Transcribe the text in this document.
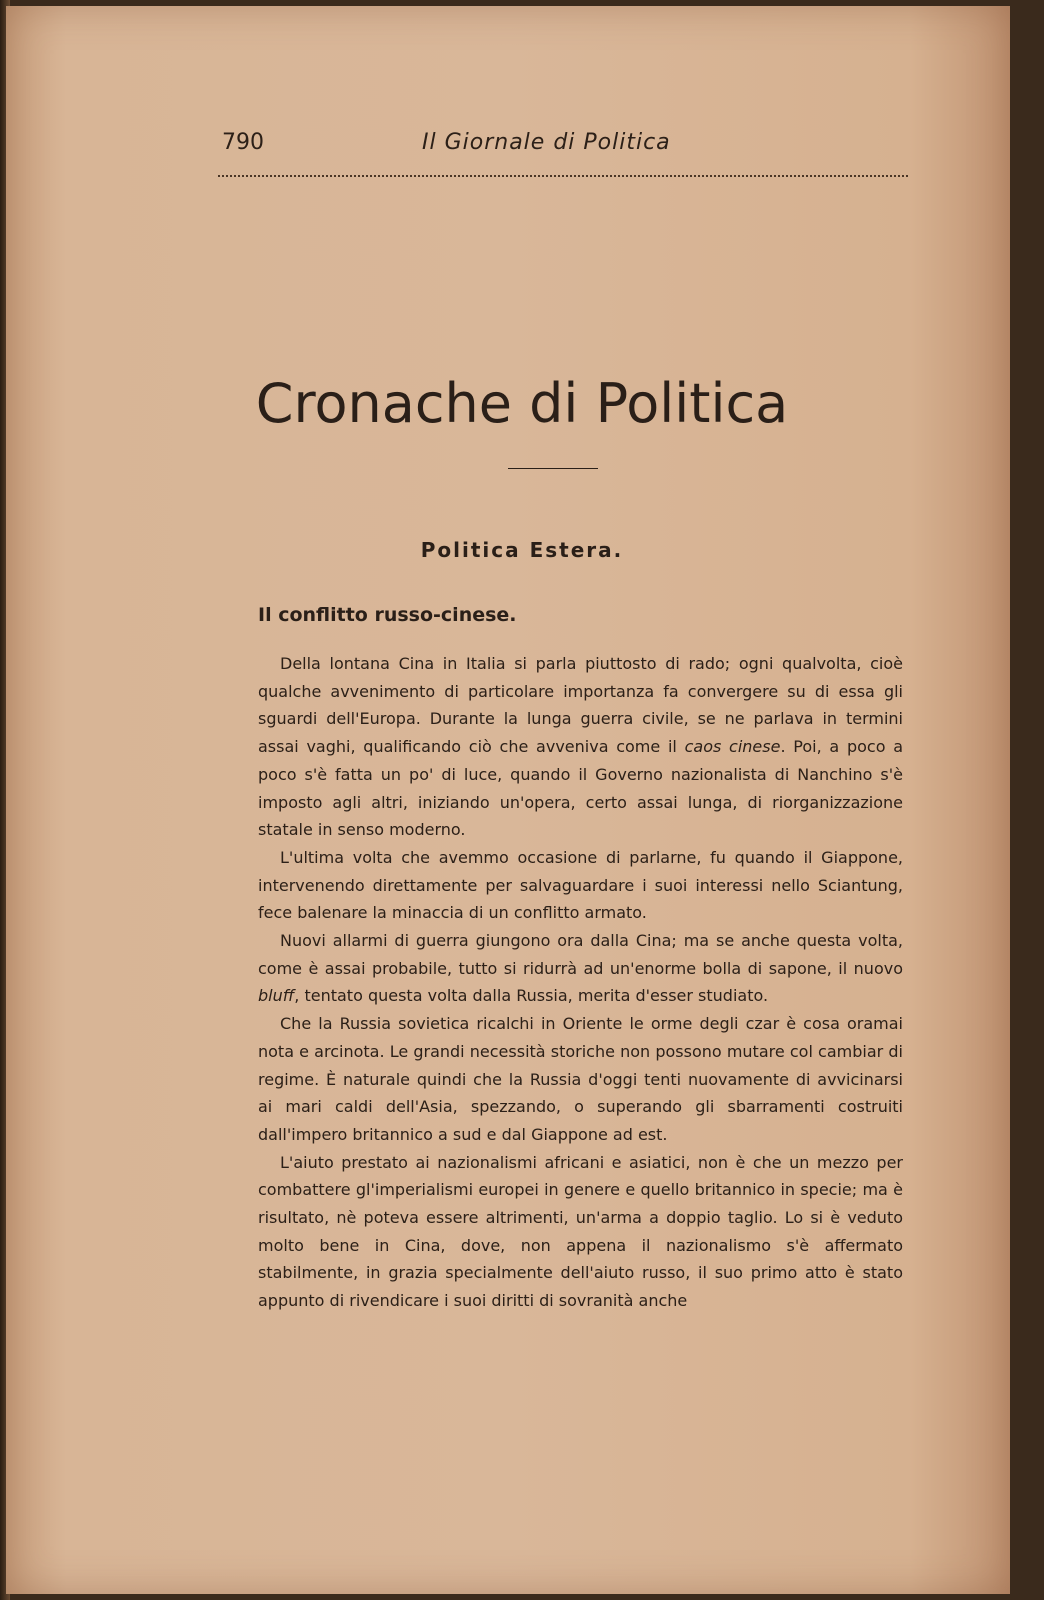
790	Il Giornale di Politica
Cronache di Politica
Politica Estera.
Il conflitto russo-cinese.

Della lontana Cina in Italia si parla piuttosto di rado; ogni qualvolta, cioè qualche avvenimento di particolare importanza fa convergere su di essa gli sguardi dell'Europa. Durante la lunga guerra civile, se ne parlava in termini assai vaghi, qualificando ciò che avveniva come il caos cinese. Poi, a poco a poco s'è fatta un po' di luce, quando il Governo nazionalista di Nanchino s'è imposto agli altri, iniziando un'opera, certo assai lunga, di riorganizzazione statale in senso moderno.

L'ultima volta che avemmo occasione di parlarne, fu quando il Giappone, intervenendo direttamente per salvaguardare i suoi interessi nello Sciantung, fece balenare la minaccia di un conflitto armato.

Nuovi allarmi di guerra giungono ora dalla Cina; ma se anche questa volta, come è assai probabile, tutto si ridurrà ad un'enorme bolla di sapone, il nuovo bluff, tentato questa volta dalla Russia, merita d'esser studiato.

Che la Russia sovietica ricalchi in Oriente le orme degli czar è cosa oramai nota e arcinota. Le grandi necessità storiche non possono mutare col cambiar di regime. È naturale quindi che la Russia d'oggi tenti nuovamente di avvicinarsi ai mari caldi dell'Asia, spezzando, o superando gli sbarramenti costruiti dall'impero britannico a sud e dal Giappone ad est.

L'aiuto prestato ai nazionalismi africani e asiatici, non è che un mezzo per combattere gl'imperialismi europei in genere e quello britannico in specie; ma è risultato, nè poteva essere altrimenti, un'arma a doppio taglio. Lo si è veduto molto bene in Cina, dove, non appena il nazionalismo s'è affermato stabilmente, in grazia specialmente dell'aiuto russo, il suo primo atto è stato appunto di rivendicare i suoi diritti di sovranità anche
